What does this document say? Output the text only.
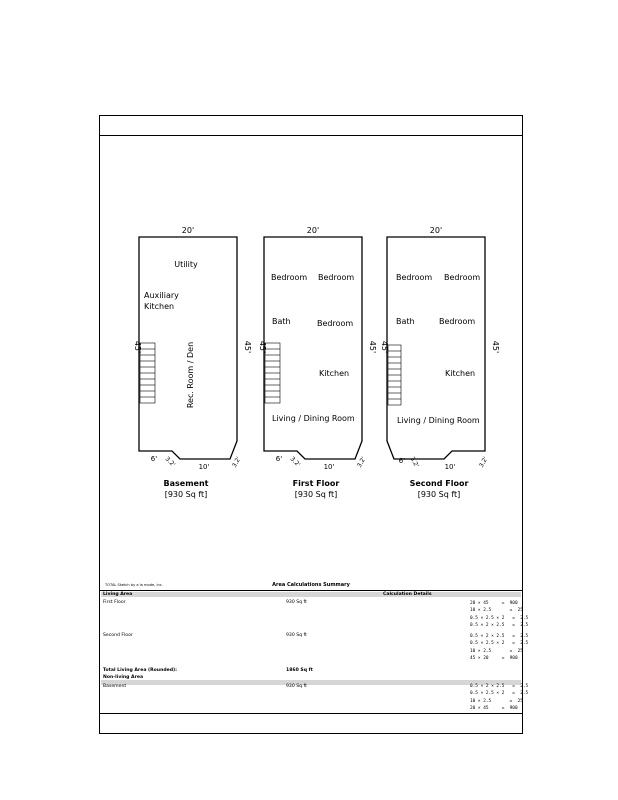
20'
45'	45'
6'
10'
3.2'	3.2'
Utility
Auxiliary
Kitchen
Rec. Room / Den
Basement
[930 Sq ft]
20'
45'	45'
6'
10'
3.2'	3.2'
Bedroom Bedroom
Bath	Bedroom
Kitchen
Living / Dining Room
First Floor
[930 Sq ft]
20'
45'	45'
6'
10'
3.2'	3.2'
Bedroom Bedroom
Bath	Bedroom
Kitchen
Living / Dining Room
Second Floor
[930 Sq ft]
TOTAL Sketch by a la mode, inc.	Area Calculations Summary
Living Area	Calculation Details
First Floor	930 Sq ft	20 × 45     =  900
10 × 2.5       =  25
0.5 × 2.5 × 2   =  2.5
0.5 × 2 × 2.5   =  2.5
Second Floor	930 Sq ft	0.5 × 2 × 2.5   =  2.5
0.5 × 2.5 × 2   =  2.5
10 × 2.5       =  25
45 × 20     =  900
Total Living Area (Rounded):	1860 Sq ft
Non-living Area
Basement	930 Sq ft	0.5 × 2 × 2.5   =  2.5
0.5 × 2.5 × 2   =  2.5
10 × 2.5       =  25
20 × 45     =  900
